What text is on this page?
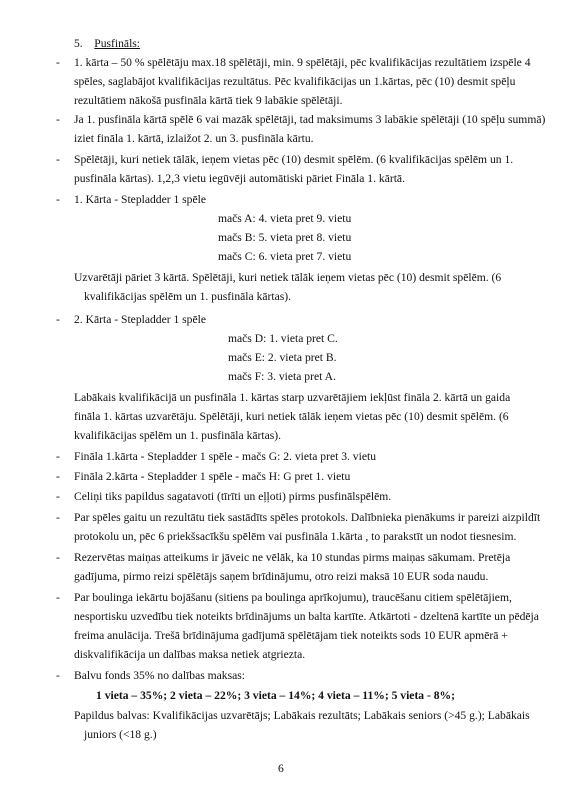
5. Pusfināls:
- 1. kārta – 50 % spēlētāju max.18 spēlētāji, min. 9 spēlētāji, pēc kvalifikācijas rezultātiem izspēle 4
spēles, saglabājot kvalifikācijas rezultātus. Pēc kvalifikācijas un 1.kārtas, pēc (10) desmit spēļu
rezultātiem nākošā pusfināla kārtā tiek 9 labākie spēlētāji.
- Ja 1. pusfināla kārtā spēlē 6 vai mazāk spēlētāji, tad maksimums 3 labākie spēlētāji (10 spēļu summā)
iziet fināla 1. kārtā, izlaižot 2. un 3. pusfināla kārtu.
- Spēlētāji, kuri netiek tālāk, ieņem vietas pēc (10) desmit spēlēm. (6 kvalifikācijas spēlēm un 1.
pusfināla kārtas). 1,2,3 vietu iegūvēji automātiski pāriet Fināla 1. kārtā.
- 1. Kārta - Stepladder 1 spēle
mačs A: 4. vieta pret 9. vietu
mačs B: 5. vieta pret 8. vietu
mačs C: 6. vieta pret 7. vietu
Uzvarētāji pāriet 3 kārtā. Spēlētāji, kuri netiek tālāk ieņem vietas pēc (10) desmit spēlēm. (6
kvalifikācijas spēlēm un 1. pusfināla kārtas).
- 2. Kārta - Stepladder 1 spēle
mačs D: 1. vieta pret C.
mačs E: 2. vieta pret B.
mačs F: 3. vieta pret A.
Labākais kvalifikācijā un pusfināla 1. kārtas starp uzvarētājiem iekļūst fināla 2. kārtā un gaida
fināla 1. kārtas uzvarētāju. Spēlētāji, kuri netiek tālāk ieņem vietas pēc (10) desmit spēlēm. (6
kvalifikācijas spēlēm un 1. pusfināla kārtas).
- Fināla 1.kārta - Stepladder 1 spēle - mačs G: 2. vieta pret 3. vietu
- Fināla 2.kārta - Stepladder 1 spēle - mačs H: G pret 1. vietu
- Celiņi tiks papildus sagatavoti (tīrīti un eļļoti) pirms pusfinālspēlēm.
- Par spēles gaitu un rezultātu tiek sastādīts spēles protokols. Dalībnieka pienākums ir pareizi aizpildīt
protokolu un, pēc 6 priekšsacīkšu spēlēm vai pusfināla 1.kārta , to parakstīt un nodot tiesnesim.
- Rezervētas maiņas atteikums ir jāveic ne vēlāk, ka 10 stundas pirms maiņas sākumam. Pretēja
gadījuma, pirmo reizi spēlētājs saņem brīdinājumu, otro reizi maksā 10 EUR soda naudu.
- Par boulinga iekārtu bojāšanu (sitiens pa boulinga aprīkojumu), traucēšanu citiem spēlētājiem,
nesportisku uzvedību tiek noteikts brīdinājums un balta kartīte. Atkārtoti - dzeltenā kartīte un pēdēja
freima anulācija. Trešā brīdinājuma gadījumā spēlētājam tiek noteikts sods 10 EUR apmērā +
diskvalifikācija un dalības maksa netiek atgriezta.
- Balvu fonds 35% no dalības maksas:
1 vieta – 35%; 2 vieta – 22%; 3 vieta – 14%; 4 vieta – 11%; 5 vieta - 8%;
Papildus balvas: Kvalifikācijas uzvarētājs; Labākais rezultāts; Labākais seniors (>45 g.); Labākais
juniors (<18 g.)
6
